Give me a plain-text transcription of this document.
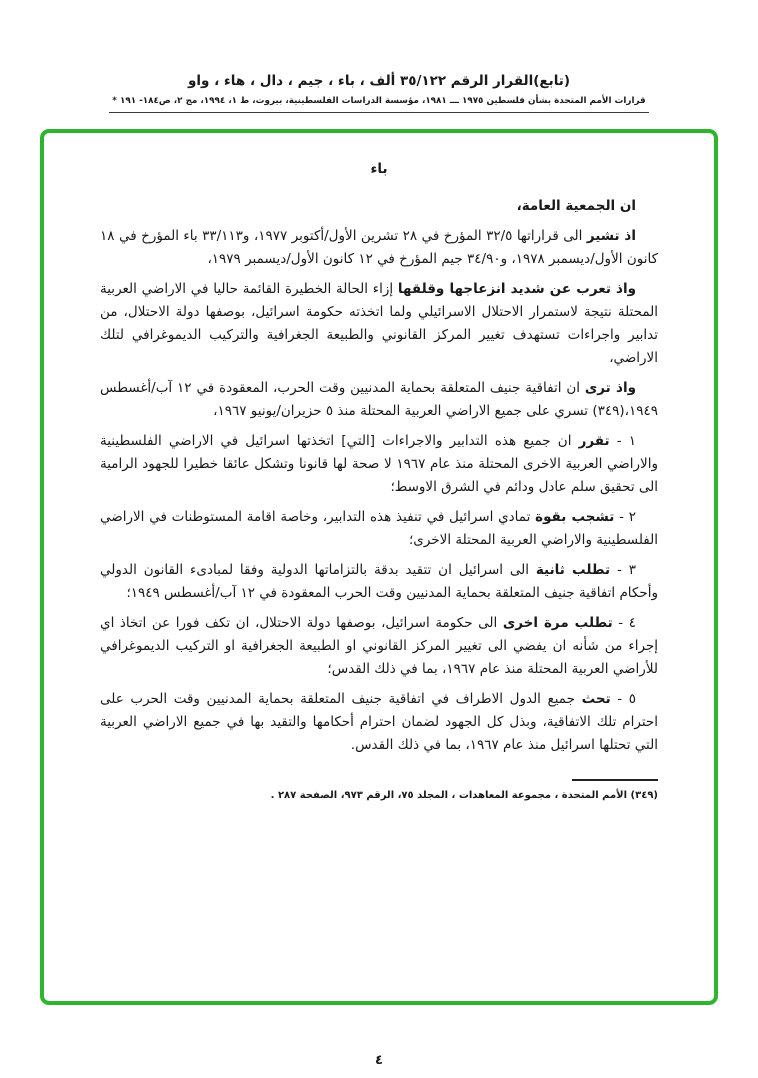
(تابع)القرار الرقم ٣٥/١٢٢ ألف ، باء ، جيم ، دال ، هاء ، واو
قرارات الأمم المتحدة بشأن فلسطين ١٩٧٥ ـــ ١٩٨١، مؤسسة الدراسات الفلسطينية، بيروت، ط ١، ١٩٩٤، مج ٢، ص١٨٤- ١٩١ *
باء

ان الجمعية العامة،

اذ تشير الى قراراتها ٣٢/٥ المؤرخ في ٢٨ تشرين الأول/أكتوبر ١٩٧٧، و٣٣/١١٣ باء المؤرخ في ١٨ كانون الأول/ديسمبر ١٩٧٨، و٣٤/٩٠ جيم المؤرخ في ١٢ كانون الأول/ديسمبر ١٩٧٩،

واذ تعرب عن شديد انزعاجها وقلقها إزاء الحالة الخطيرة القائمة حاليا في الاراضي العربية المحتلة نتيجة لاستمرار الاحتلال الاسرائيلي ولما اتخذته حكومة اسرائيل، بوصفها دولة الاحتلال، من تدابير واجراءات تستهدف تغيير المركز القانوني والطبيعة الجغرافية والتركيب الديموغرافي لتلك الاراضي،

واذ ترى ان اتفاقية جنيف المتعلقة بحماية المدنيين وقت الحرب، المعقودة في ١٢ آب/أغسطس ١٩٤٩،(٣٤٩) تسري على جميع الاراضي العربية المحتلة منذ ٥ حزيران/يونيو ١٩٦٧،

١ - تقرر ان جميع هذه التدابير والاجراءات [التي] اتخذتها اسرائيل في الاراضي الفلسطينية والاراضي العربية الاخرى المحتلة منذ عام ١٩٦٧ لا صحة لها قانونا وتشكل عائقا خطيرا للجهود الرامية الى تحقيق سلم عادل ودائم في الشرق الاوسط؛

٢ - تشجب بقوة تمادي اسرائيل في تنفيذ هذه التدابير، وخاصة اقامة المستوطنات في الاراضي الفلسطينية والاراضي العربية المحتلة الاخرى؛

٣ - تطلب ثانية الى اسرائيل ان تتقيد بدقة بالتزاماتها الدولية وفقا لمبادىء القانون الدولي وأحكام اتفاقية جنيف المتعلقة بحماية المدنيين وقت الحرب المعقودة في ١٢ آب/أغسطس ١٩٤٩؛

٤ - تطلب مرة اخرى الى حكومة اسرائيل، بوصفها دولة الاحتلال، ان تكف فورا عن اتخاذ اي إجراء من شأنه ان يفضي الى تغيير المركز القانوني او الطبيعة الجغرافية او التركيب الديموغرافي للأراضي العربية المحتلة منذ عام ١٩٦٧، بما في ذلك القدس؛

٥ - تحث جميع الدول الاطراف في اتفاقية جنيف المتعلقة بحماية المدنيين وقت الحرب على احترام تلك الاتفاقية، وبذل كل الجهود لضمان احترام أحكامها والتقيد بها في جميع الاراضي العربية التي تحتلها اسرائيل منذ عام ١٩٦٧، بما في ذلك القدس.

(٣٤٩) الأمم المتحدة ، مجموعة المعاهدات ، المجلد ٧٥، الرقم ٩٧٣، الصفحة ٢٨٧ .
٤
